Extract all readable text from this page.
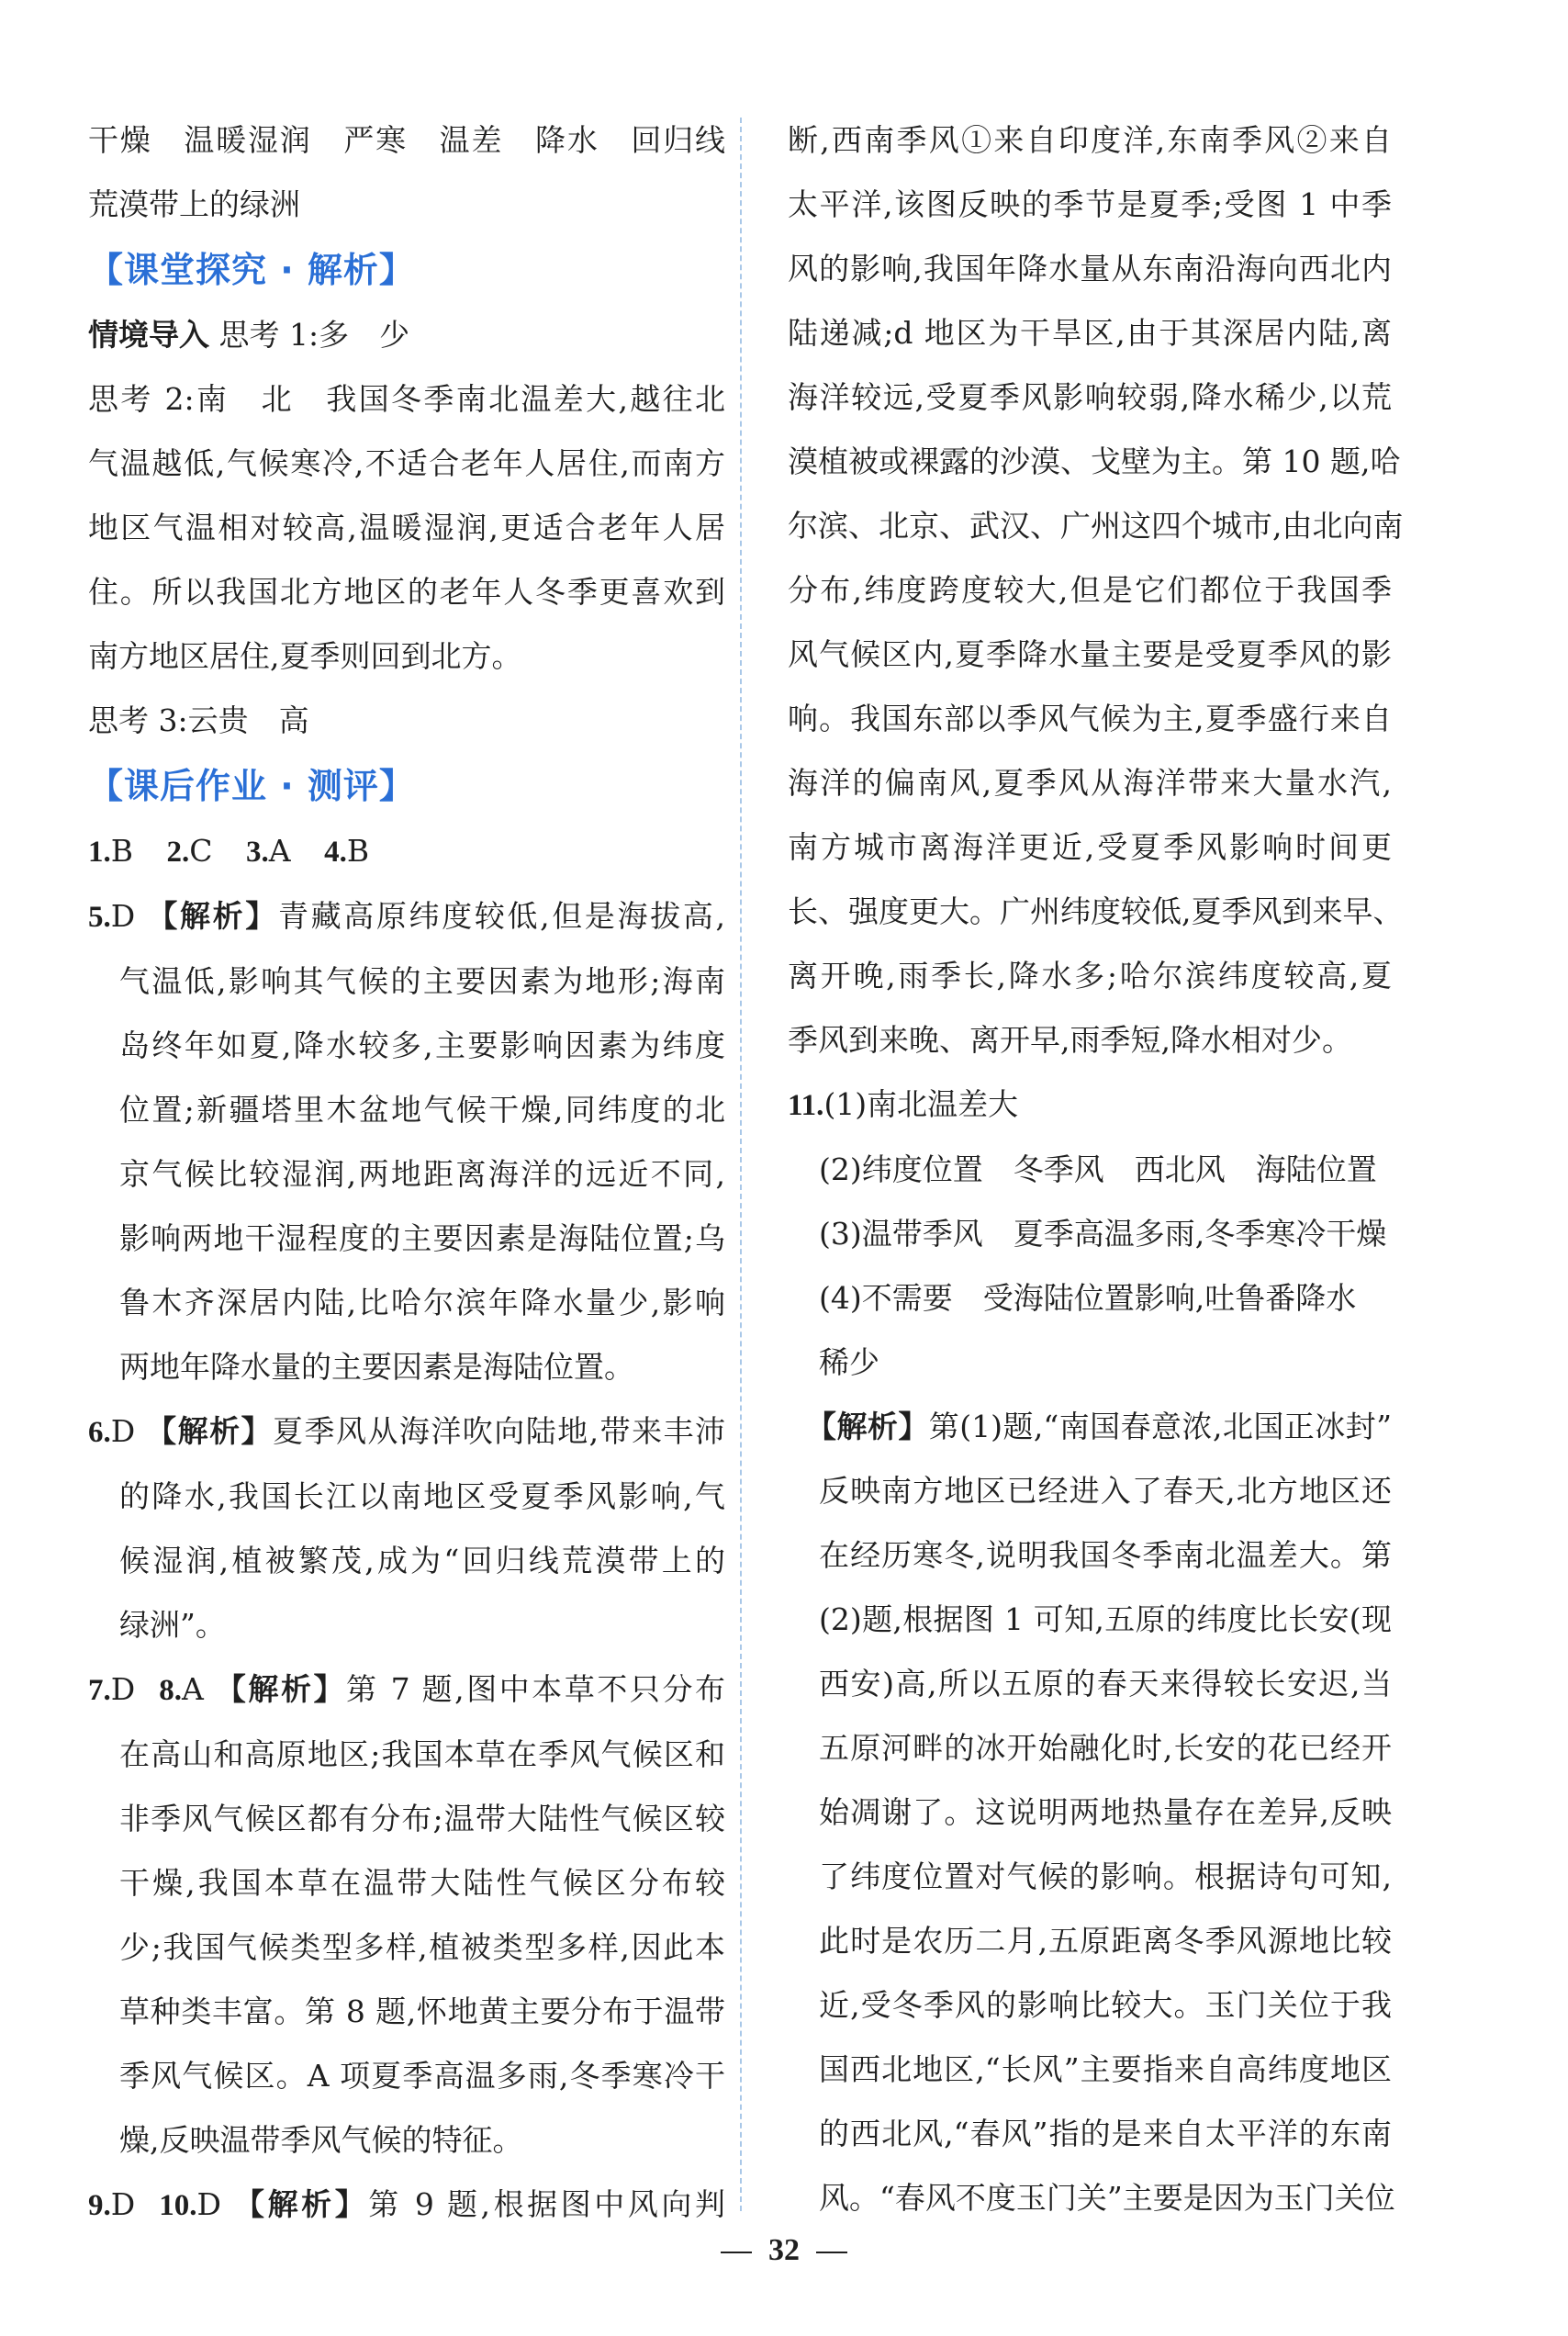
干燥　温暖湿润　严寒　温差　降水　回归线

荒漠带上的绿洲

【课堂探究 · 解析】

情境导入 思考 1:多　少

思考 2:南　北　我国冬季南北温差大,越往北

气温越低,气候寒冷,不适合老年人居住,而南方

地区气温相对较高,温暖湿润,更适合老年人居

住。所以我国北方地区的老年人冬季更喜欢到

南方地区居住,夏季则回到北方。

思考 3:云贵　高

【课后作业 · 测评】

1.B 2.C 3.A 4.B

5.D 【解析】青藏高原纬度较低,但是海拔高,

气温低,影响其气候的主要因素为地形;海南

岛终年如夏,降水较多,主要影响因素为纬度

位置;新疆塔里木盆地气候干燥,同纬度的北

京气候比较湿润,两地距离海洋的远近不同,

影响两地干湿程度的主要因素是海陆位置;乌

鲁木齐深居内陆,比哈尔滨年降水量少,影响

两地年降水量的主要因素是海陆位置。

6.D 【解析】夏季风从海洋吹向陆地,带来丰沛

的降水,我国长江以南地区受夏季风影响,气

候湿润,植被繁茂,成为“回归线荒漠带上的

绿洲”。

7.D 8.A 【解析】第 7 题,图中本草不只分布

在高山和高原地区;我国本草在季风气候区和

非季风气候区都有分布;温带大陆性气候区较

干燥,我国本草在温带大陆性气候区分布较

少;我国气候类型多样,植被类型多样,因此本

草种类丰富。第 8 题,怀地黄主要分布于温带

季风气候区。A 项夏季高温多雨,冬季寒冷干

燥,反映温带季风气候的特征。

9.D 10.D 【解析】第 9 题,根据图中风向判

断,西南季风①来自印度洋,东南季风②来自

太平洋,该图反映的季节是夏季;受图 1 中季

风的影响,我国年降水量从东南沿海向西北内

陆递减;d 地区为干旱区,由于其深居内陆,离

海洋较远,受夏季风影响较弱,降水稀少,以荒

漠植被或裸露的沙漠、戈壁为主。第 10 题,哈

尔滨、北京、武汉、广州这四个城市,由北向南

分布,纬度跨度较大,但是它们都位于我国季

风气候区内,夏季降水量主要是受夏季风的影

响。我国东部以季风气候为主,夏季盛行来自

海洋的偏南风,夏季风从海洋带来大量水汽,

南方城市离海洋更近,受夏季风影响时间更

长、强度更大。广州纬度较低,夏季风到来早、

离开晚,雨季长,降水多;哈尔滨纬度较高,夏

季风到来晚、离开早,雨季短,降水相对少。

11.(1)南北温差大

(2)纬度位置　冬季风　西北风　海陆位置

(3)温带季风　夏季高温多雨,冬季寒冷干燥

(4)不需要　受海陆位置影响,吐鲁番降水

稀少

【解析】第(1)题,“南国春意浓,北国正冰封”

反映南方地区已经进入了春天,北方地区还

在经历寒冬,说明我国冬季南北温差大。第

(2)题,根据图 1 可知,五原的纬度比长安(现

西安)高,所以五原的春天来得较长安迟,当

五原河畔的冰开始融化时,长安的花已经开

始凋谢了。这说明两地热量存在差异,反映

了纬度位置对气候的影响。根据诗句可知,

此时是农历二月,五原距离冬季风源地比较

近,受冬季风的影响比较大。玉门关位于我

国西北地区,“长风”主要指来自高纬度地区

的西北风,“春风”指的是来自太平洋的东南

风。“春风不度玉门关”主要是因为玉门关位

32
